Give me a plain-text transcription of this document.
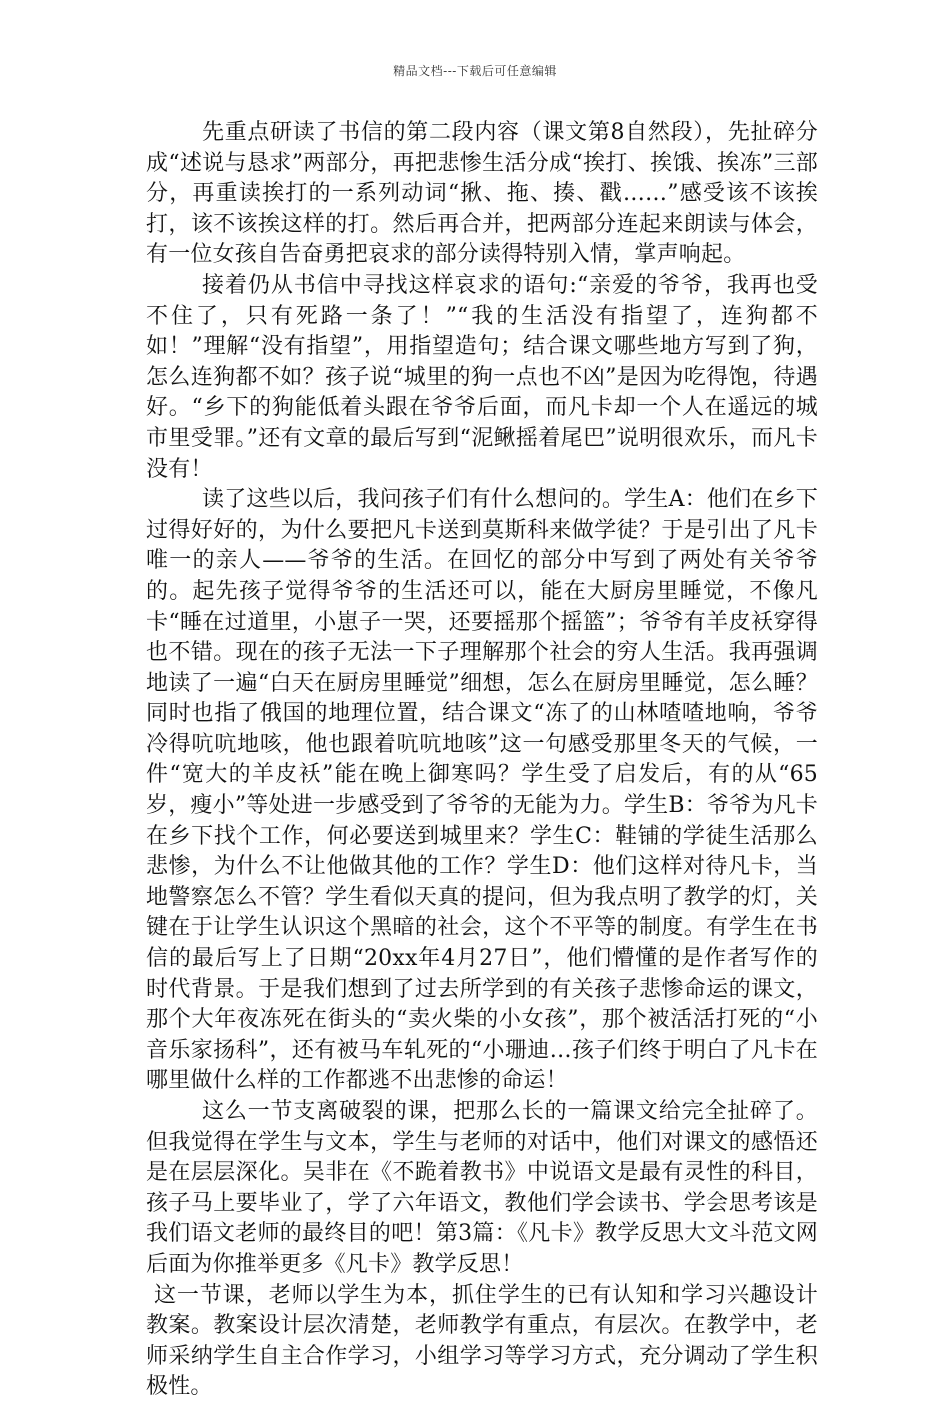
精品文档---下载后可任意编辑

先重点研读了书信的第二段内容（课文第8自然段），先扯碎分成“述说与恳求”两部分，再把悲惨生活分成“挨打、挨饿、挨冻”三部分，再重读挨打的一系列动词“揪、拖、揍、戳……”感受该不该挨打，该不该挨这样的打。然后再合并，把两部分连起来朗读与体会，有一位女孩自告奋勇把哀求的部分读得特别入情，掌声响起。

接着仍从书信中寻找这样哀求的语句:“亲爱的爷爷，我再也受不住了，只有死路一条了！”“我的生活没有指望了，连狗都不如！”理解“没有指望”，用指望造句；结合课文哪些地方写到了狗，怎么连狗都不如？孩子说“城里的狗一点也不凶”是因为吃得饱，待遇好。“乡下的狗能低着头跟在爷爷后面，而凡卡却一个人在遥远的城市里受罪。”还有文章的最后写到“泥鳅摇着尾巴”说明很欢乐，而凡卡没有！

读了这些以后，我问孩子们有什么想问的。学生A：他们在乡下过得好好的，为什么要把凡卡送到莫斯科来做学徒？于是引出了凡卡唯一的亲人——爷爷的生活。在回忆的部分中写到了两处有关爷爷的。起先孩子觉得爷爷的生活还可以，能在大厨房里睡觉，不像凡卡“睡在过道里，小崽子一哭，还要摇那个摇篮”；爷爷有羊皮袄穿得也不错。现在的孩子无法一下子理解那个社会的穷人生活。我再强调地读了一遍“白天在厨房里睡觉”细想，怎么在厨房里睡觉，怎么睡？同时也指了俄国的地理位置，结合课文“冻了的山林喳喳地响，爷爷冷得吭吭地咳，他也跟着吭吭地咳”这一句感受那里冬天的气候，一件“宽大的羊皮袄”能在晚上御寒吗？学生受了启发后，有的从“65岁，瘦小”等处进一步感受到了爷爷的无能为力。学生B：爷爷为凡卡在乡下找个工作，何必要送到城里来？学生C：鞋铺的学徒生活那么悲惨，为什么不让他做其他的工作？学生D：他们这样对待凡卡，当地警察怎么不管？学生看似天真的提问，但为我点明了教学的灯，关键在于让学生认识这个黑暗的社会，这个不平等的制度。有学生在书信的最后写上了日期“20xx年4月27日”，他们懵懂的是作者写作的时代背景。于是我们想到了过去所学到的有关孩子悲惨命运的课文，那个大年夜冻死在街头的“卖火柴的小女孩”，那个被活活打死的“小音乐家扬科”，还有被马车轧死的“小珊迪…孩子们终于明白了凡卡在哪里做什么样的工作都逃不出悲惨的命运！

这么一节支离破裂的课，把那么长的一篇课文给完全扯碎了。但我觉得在学生与文本，学生与老师的对话中，他们对课文的感悟还是在层层深化。吴非在《不跪着教书》中说语文是最有灵性的科目，孩子马上要毕业了，学了六年语文，教他们学会读书、学会思考该是我们语文老师的最终目的吧！第3篇：《凡卡》教学反思大文斗范文网后面为你推举更多《凡卡》教学反思！

这一节课，老师以学生为本，抓住学生的已有认知和学习兴趣设计教案。教案设计层次清楚，老师教学有重点，有层次。在教学中，老师采纳学生自主合作学习，小组学习等学习方式，充分调动了学生积极性。
